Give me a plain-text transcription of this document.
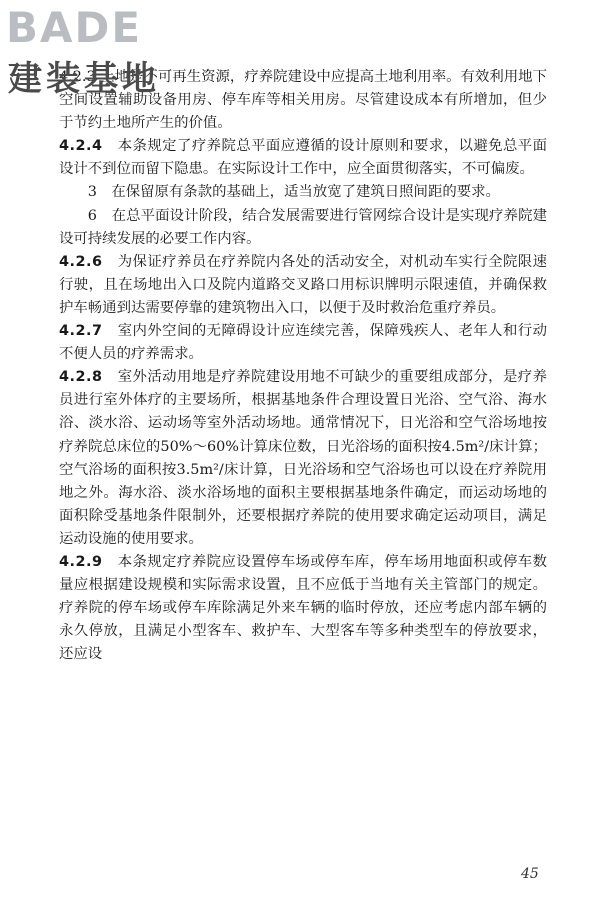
BADE
建装基地

4.2.3 土地是不可再生资源，疗养院建设中应提高土地利用率。有效利用地下空间设置辅助设备用房、停车库等相关用房。尽管建设成本有所增加，但少于节约土地所产生的价值。

4.2.4　 本条规定了疗养院总平面应遵循的设计原则和要求，以避免总平面设计不到位而留下隐患。在实际设计工作中，应全面贯彻落实，不可偏废。

3　在保留原有条款的基础上，适当放宽了建筑日照间距的要求。

6　在总平面设计阶段，结合发展需要进行管网综合设计是实现疗养院建设可持续发展的必要工作内容。

4.2.6　 为保证疗养员在疗养院内各处的活动安全，对机动车实行全院限速行驶，且在场地出入口及院内道路交叉路口用标识牌明示限速值，并确保救护车畅通到达需要停靠的建筑物出入口，以便于及时救治危重疗养员。

4.2.7　 室内外空间的无障碍设计应连续完善，保障残疾人、老年人和行动不便人员的疗养需求。

4.2.8　 室外活动用地是疗养院建设用地不可缺少的重要组成部分，是疗养员进行室外体疗的主要场所，根据基地条件合理设置日光浴、空气浴、海水浴、淡水浴、运动场等室外活动场地。通常情况下，日光浴和空气浴场地按疗养院总床位的50%～60%计算床位数，日光浴场的面积按4.5m²/床计算；空气浴场的面积按3.5m²/床计算，日光浴场和空气浴场也可以设在疗养院用地之外。海水浴、淡水浴场地的面积主要根据基地条件确定，而运动场地的面积除受基地条件限制外，还要根据疗养院的使用要求确定运动项目，满足运动设施的使用要求。

4.2.9　 本条规定疗养院应设置停车场或停车库，停车场用地面积或停车数量应根据建设规模和实际需求设置，且不应低于当地有关主管部门的规定。疗养院的停车场或停车库除满足外来车辆的临时停放，还应考虑内部车辆的永久停放，且满足小型客车、救护车、大型客车等多种类型车的停放要求，还应设

45
